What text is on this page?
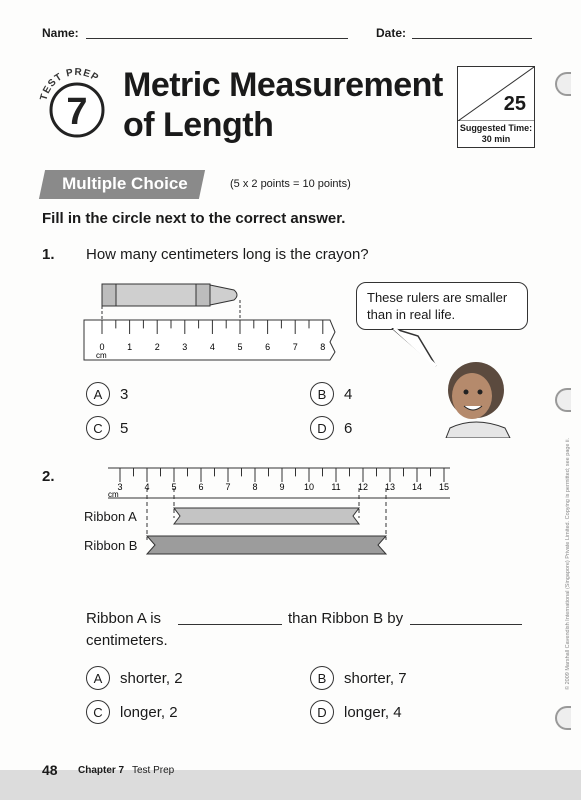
Name:	Date:
TEST PREP
7
Metric Measurement
of Length
25
Suggested Time:
30 min
Multiple Choice	(5 x 2 points = 10 points)
Fill in the circle next to the correct answer.
1. How many centimeters long is the crayon?
0	1	2	3	4	5	6	7	8
cm
These rulers are smaller than in real life.
A	3	B	4
C	5	D	6
2.
3 4 5 6 7 8 9 10 11 12 13 14 15
cm
Ribbon A
Ribbon B
Ribbon A is	than Ribbon B by
centimeters.
A	shorter, 2	B	shorter, 7
C	longer, 2	D	longer, 4
© 2009 Marshall Cavendish International (Singapore) Private Limited. Copying is permitted; see page ii.
48 Chapter 7 Test Prep
